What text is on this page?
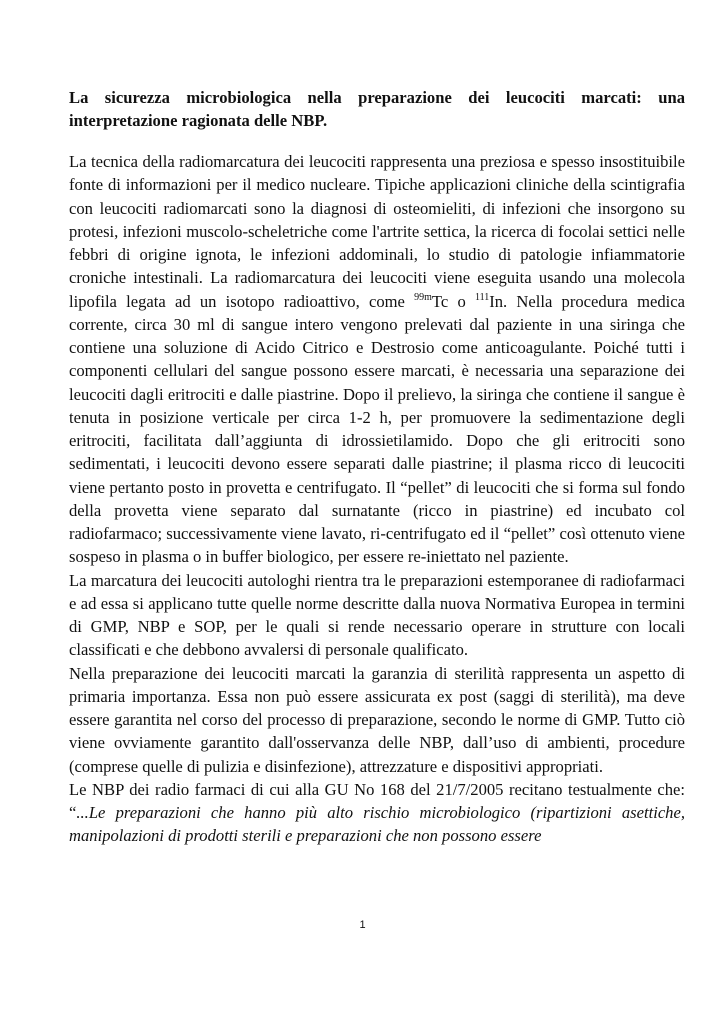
La sicurezza microbiologica nella preparazione dei leucociti marcati: una interpretazione ragionata delle NBP.

La tecnica della radiomarcatura dei leucociti rappresenta una preziosa e spesso insostituibile fonte di informazioni per il medico nucleare. Tipiche applicazioni cliniche della scintigrafia con leucociti radiomarcati sono la diagnosi di osteomieliti, di infezioni che insorgono su protesi, infezioni muscolo-scheletriche come l'artrite settica, la ricerca di focolai settici nelle febbri di origine ignota, le infezioni addominali, lo studio di patologie infiammatorie croniche intestinali. La radiomarcatura dei leucociti viene eseguita usando una molecola lipofila legata ad un isotopo radioattivo, come $^{99m}$Tc o $^{111}$In. Nella procedura medica corrente, circa 30 ml di sangue intero vengono prelevati dal paziente in una siringa che contiene una soluzione di Acido Citrico e Destrosio come anticoagulante. Poiché tutti i componenti cellulari del sangue possono essere marcati, è necessaria una separazione dei leucociti dagli eritrociti e dalle piastrine. Dopo il prelievo, la siringa che contiene il sangue è tenuta in posizione verticale per circa 1-2 h, per promuovere la sedimentazione degli eritrociti, facilitata dall’aggiunta di idrossietilamido. Dopo che gli eritrociti sono sedimentati, i leucociti devono essere separati dalle piastrine; il plasma ricco di leucociti viene pertanto posto in provetta e centrifugato. Il “pellet” di leucociti che si forma sul fondo della provetta viene separato dal surnatante (ricco in piastrine) ed incubato col radiofarmaco; successivamente viene lavato, ri-centrifugato ed il “pellet” così ottenuto viene sospeso in plasma o in buffer biologico, per essere re-iniettato nel paziente.

La marcatura dei leucociti autologhi rientra tra le preparazioni estemporanee di radiofarmaci e ad essa si applicano tutte quelle norme descritte dalla nuova Normativa Europea in termini di GMP, NBP e SOP, per le quali si rende necessario operare in strutture con locali classificati e che debbono avvalersi di personale qualificato.

Nella preparazione dei leucociti marcati la garanzia di sterilità rappresenta un aspetto di primaria importanza. Essa non può essere assicurata ex post (saggi di sterilità), ma deve essere garantita nel corso del processo di preparazione, secondo le norme di GMP. Tutto ciò viene ovviamente garantito dall'osservanza delle NBP, dall’uso di ambienti, procedure (comprese quelle di pulizia e disinfezione), attrezzature e dispositivi appropriati.

Le NBP dei radio farmaci di cui alla GU No 168 del 21/7/2005 recitano testualmente che: “...Le preparazioni che hanno più alto rischio microbiologico (ripartizioni asettiche, manipolazioni di prodotti sterili e preparazioni che non possono essere

1
